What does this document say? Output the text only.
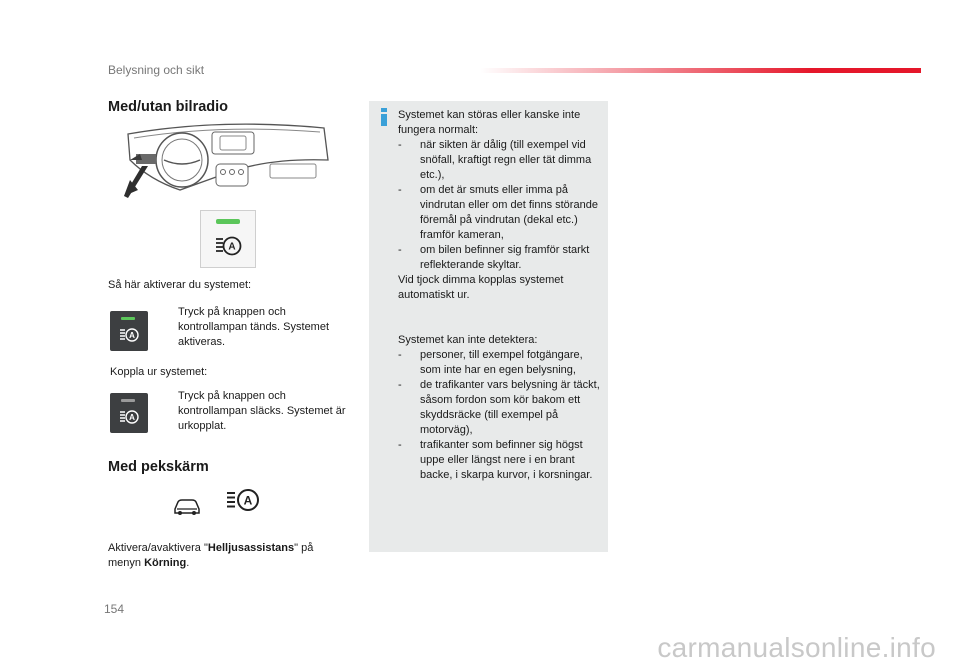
Belysning och sikt
Med/utan bilradio
A
Så här aktiverar du systemet:
A
Tryck på knappen och kontrollampan tänds. Systemet aktiveras.
Koppla ur systemet:
A
Tryck på knappen och kontrollampan släcks. Systemet är urkopplat.
Med pekskärm
A
Aktivera/avaktivera "Helljusassistans" på menyn Körning.
Systemet kan störas eller kanske inte fungera normalt:
-	när sikten är dålig (till exempel vid snöfall, kraftigt regn eller tät dimma etc.),
-	om det är smuts eller imma på vindrutan eller om det finns störande föremål på vindrutan (dekal etc.) framför kameran,
-	om bilen befinner sig framför starkt reflekterande skyltar.
Vid tjock dimma kopplas systemet automatiskt ur.
Systemet kan inte detektera:
-	personer, till exempel fotgängare, som inte har en egen belysning,
-	de trafikanter vars belysning är täckt, såsom fordon som kör bakom ett skyddsräcke (till exempel på motorväg),
-	trafikanter som befinner sig högst uppe eller längst nere i en brant backe, i skarpa kurvor, i korsningar.
154
carmanualsonline.info
